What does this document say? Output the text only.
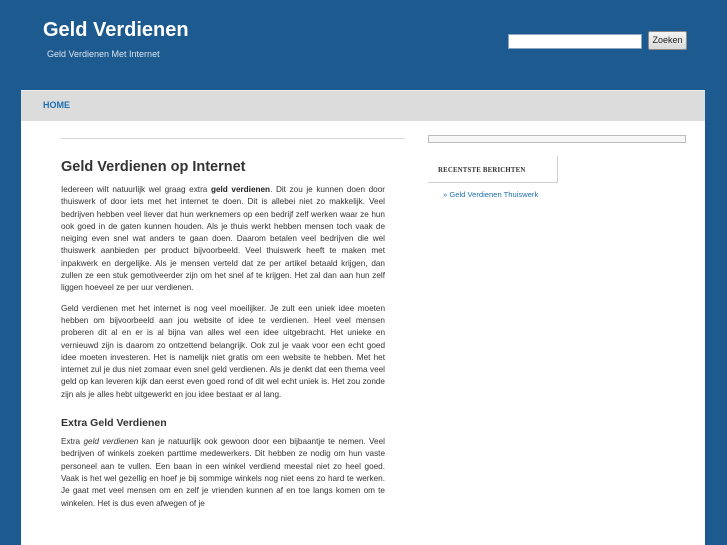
Geld Verdienen
Geld Verdienen Met Internet
Zoeken
HOME
Geld Verdienen op Internet

Iedereen wilt natuurlijk wel graag extra geld verdienen. Dit zou je kunnen doen door thuiswerk of door iets met het internet te doen. Dit is allebei niet zo makkelijk. Veel bedrijven hebben veel liever dat hun werknemers op een bedrijf zelf werken waar ze hun ook goed in de gaten kunnen houden. Als je thuis werkt hebben mensen toch vaak de neiging even snel wat anders te gaan doen. Daarom betalen veel bedrijven die wel thuiswerk aanbieden per product bijvoorbeeld. Veel thuiswerk heeft te maken met inpakwerk en dergelijke. Als je mensen verteld dat ze per artikel betaald krijgen, dan zullen ze een stuk gemotiveerder zijn om het snel af te krijgen. Het zal dan aan hun zelf liggen hoeveel ze per uur verdienen.

Geld verdienen met het internet is nog veel moeilijker. Je zult een uniek idee moeten hebben om bijvoorbeeld aan jou website of idee te verdienen. Heel veel mensen proberen dit al en er is al bijna van alles wel een idee uitgebracht. Het unieke en vernieuwd zijn is daarom zo ontzettend belangrijk. Ook zul je vaak voor een echt goed idee moeten investeren. Het is namelijk niet gratis om een website te hebben. Met het internet zul je dus niet zomaar even snel geld verdienen. Als je denkt dat een thema veel geld op kan leveren kijk dan eerst even goed rond of dit wel echt uniek is. Het zou zonde zijn als je alles hebt uitgewerkt en jou idee bestaat er al lang.

Extra Geld Verdienen

Extra geld verdienen kan je natuurlijk ook gewoon door een bijbaantje te nemen. Veel bedrijven of winkels zoeken parttime medewerkers. Dit hebben ze nodig om hun vaste personeel aan te vullen. Een baan in een winkel verdiend meestal niet zo heel goed. Vaak is het wel gezellig en hoef je bij sommige winkels nog niet eens zo hard te werken. Je gaat met veel mensen om en zelf je vrienden kunnen af en toe langs komen om te winkelen. Het is dus even afwegen of je

RECENTSTE BERICHTEN
» Geld Verdienen Thuiswerk
